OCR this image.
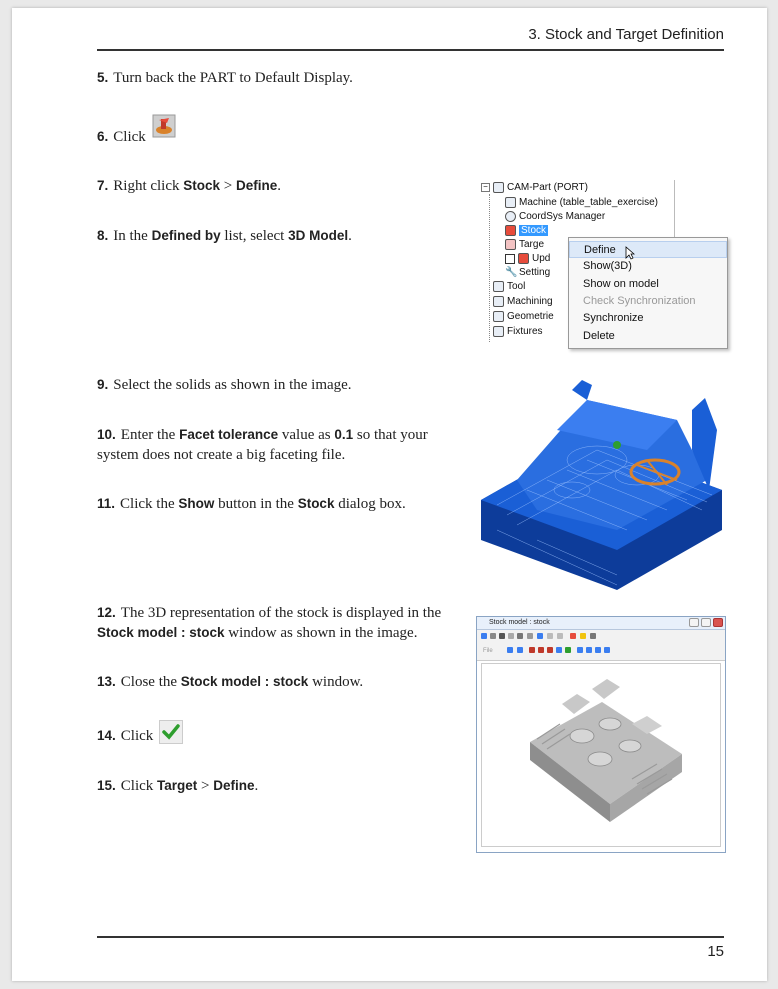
3. Stock and Target Definition
5. Turn back the PART to Default Display.
6. Click
7. Right click Stock > Define.
8. In the Defined by list, select 3D Model.
− CAM-Part (PORT)
Machine (table_table_exercise)
CoordSys Manager
Stock
Targe
Upd
🔧 Setting
Tool
Machining
Geometrie
Fixtures
Define
Show(3D)
Show on model
Check Synchronization
Synchronize
Delete
9. Select the solids as shown in the image.
10. Enter the Facet tolerance value as 0.1 so that your
system does not create a big faceting file.
11. Click the Show button in the Stock dialog box.
12. The 3D representation of the stock is displayed in the
Stock model : stock window as shown in the image.
13. Close the Stock model : stock window.
14. Click
15. Click Target > Define.
Stock model : stock
File
15
